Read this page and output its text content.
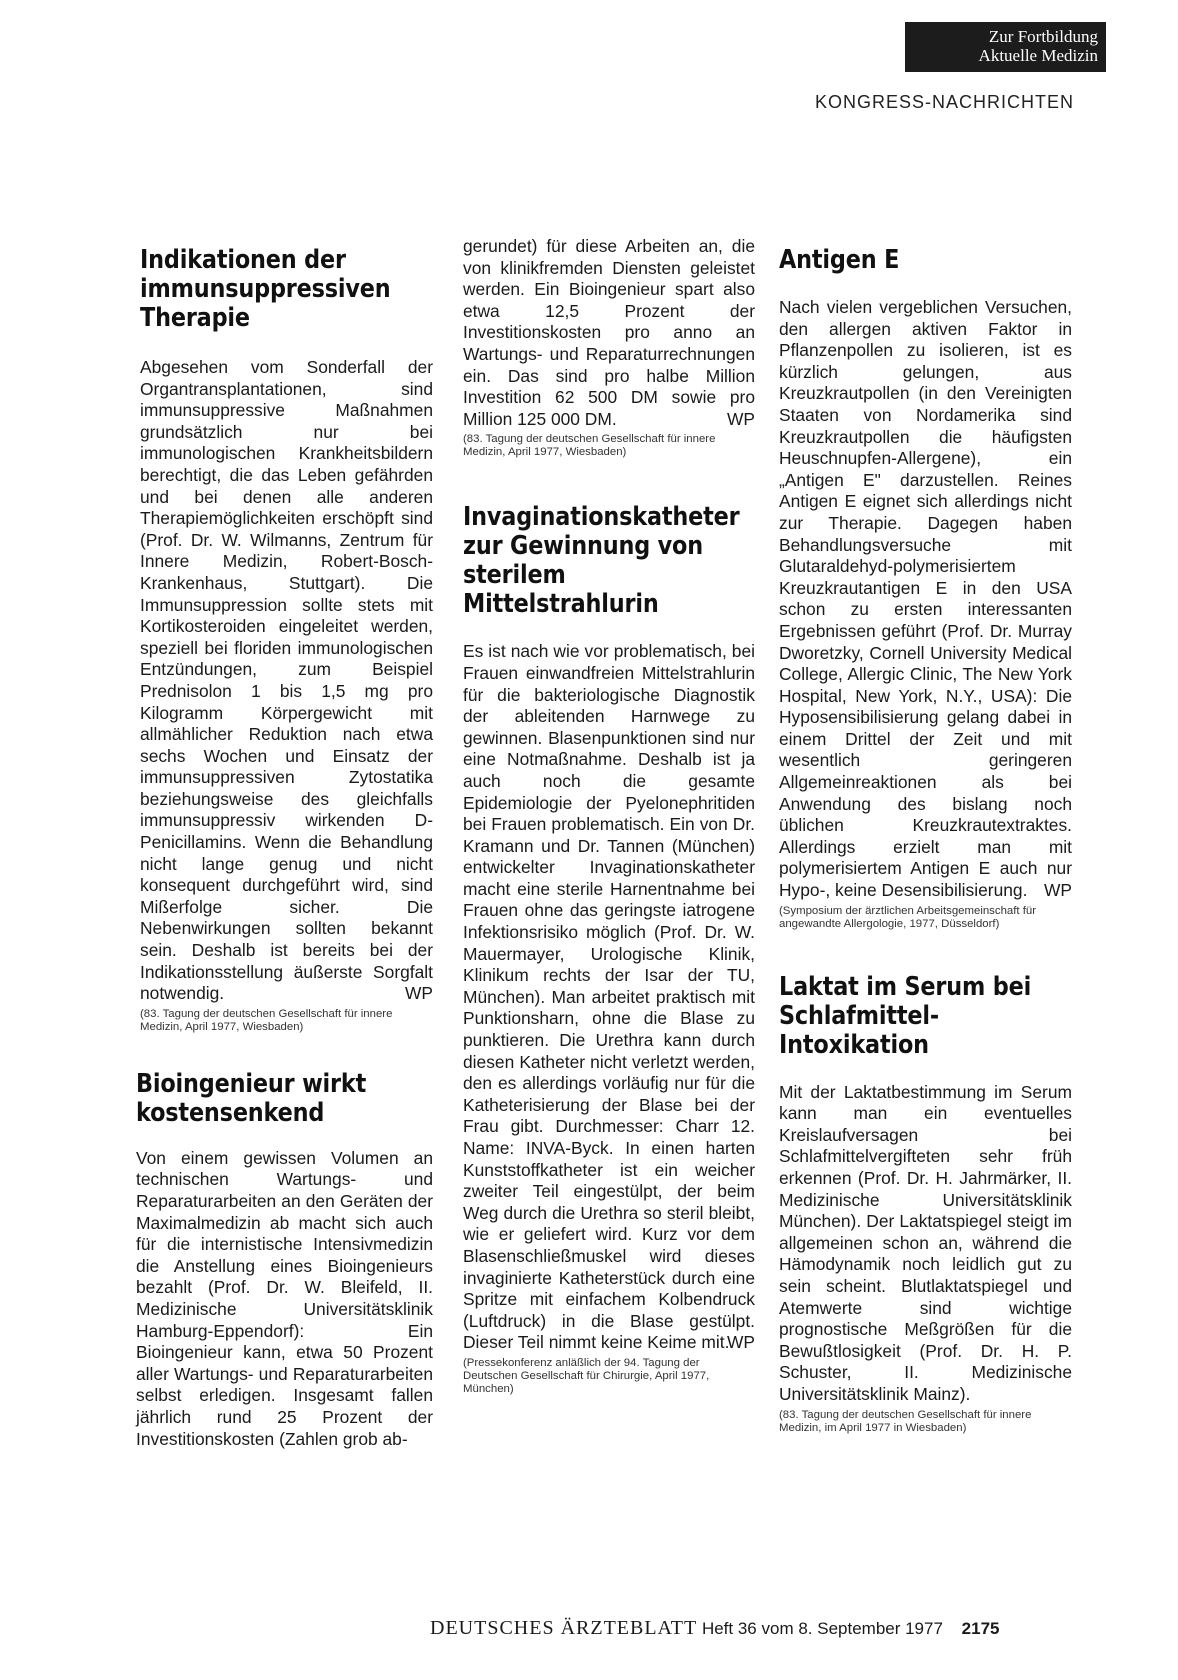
Zur Fortbildung
Aktuelle Medizin
KONGRESS-NACHRICHTEN
Indikationen der immunsuppressiven Therapie

Abgesehen vom Sonderfall der Organtransplantationen, sind immunsuppressive Maßnahmen grundsätzlich nur bei immunologischen Krankheitsbildern berechtigt, die das Leben gefährden und bei denen alle anderen Therapiemöglichkeiten erschöpft sind (Prof. Dr. W. Wilmanns, Zentrum für Innere Medizin, Robert-Bosch-Krankenhaus, Stuttgart). Die Immunsuppression sollte stets mit Kortikosteroiden eingeleitet werden, speziell bei floriden immunologischen Entzündungen, zum Beispiel Prednisolon 1 bis 1,5 mg pro Kilogramm Körpergewicht mit allmählicher Reduktion nach etwa sechs Wochen und Einsatz der immunsuppressiven Zytostatika beziehungsweise des gleichfalls immunsuppressiv wirkenden D-Penicillamins. Wenn die Behandlung nicht lange genug und nicht konsequent durchgeführt wird, sind Mißerfolge sicher. Die Nebenwirkungen sollten bekannt sein. Deshalb ist bereits bei der Indikationsstellung äußerste Sorgfalt notwendig.	WP

(83. Tagung der deutschen Gesellschaft für innere Medizin, April 1977, Wiesbaden)

Bioingenieur wirkt kostensenkend

Von einem gewissen Volumen an technischen Wartungs- und Reparaturarbeiten an den Geräten der Maximalmedizin ab macht sich auch für die internistische Intensivmedizin die Anstellung eines Bioingenieurs bezahlt (Prof. Dr. W. Bleifeld, II. Medizinische Universitätsklinik Hamburg-Eppendorf): Ein Bioingenieur kann, etwa 50 Prozent aller Wartungs- und Reparaturarbeiten selbst erledigen. Insgesamt fallen jährlich rund 25 Prozent der Investitionskosten (Zahlen grob ab-

gerundet) für diese Arbeiten an, die von klinikfremden Diensten geleistet werden. Ein Bioingenieur spart also etwa 12,5 Prozent der Investitionskosten pro anno an Wartungs- und Reparaturrechnungen ein. Das sind pro halbe Million Investition 62 500 DM sowie pro Million 125 000 DM.	WP

(83. Tagung der deutschen Gesellschaft für innere Medizin, April 1977, Wiesbaden)

Invaginationskatheter zur Gewinnung von sterilem Mittelstrahlurin

Es ist nach wie vor problematisch, bei Frauen einwandfreien Mittelstrahlurin für die bakteriologische Diagnostik der ableitenden Harnwege zu gewinnen. Blasenpunktionen sind nur eine Notmaßnahme. Deshalb ist ja auch noch die gesamte Epidemiologie der Pyelonephritiden bei Frauen problematisch. Ein von Dr. Kramann und Dr. Tannen (München) entwickelter Invaginationskatheter macht eine sterile Harnentnahme bei Frauen ohne das geringste iatrogene Infektionsrisiko möglich (Prof. Dr. W. Mauermayer, Urologische Klinik, Klinikum rechts der Isar der TU, München). Man arbeitet praktisch mit Punktionsharn, ohne die Blase zu punktieren. Die Urethra kann durch diesen Katheter nicht verletzt werden, den es allerdings vorläufig nur für die Katheterisierung der Blase bei der Frau gibt. Durchmesser: Charr 12. Name: INVA-Byck. In einen harten Kunststoffkatheter ist ein weicher zweiter Teil eingestülpt, der beim Weg durch die Urethra so steril bleibt, wie er geliefert wird. Kurz vor dem Blasenschließmuskel wird dieses invaginierte Katheterstück durch eine Spritze mit einfachem Kolbendruck (Luftdruck) in die Blase gestülpt. Dieser Teil nimmt keine Keime mit.

WP

(Pressekonferenz anläßlich der 94. Tagung der Deutschen Gesellschaft für Chirurgie, April 1977, München)

Antigen E

Nach vielen vergeblichen Versuchen, den allergen aktiven Faktor in Pflanzenpollen zu isolieren, ist es kürzlich gelungen, aus Kreuzkrautpollen (in den Vereinigten Staaten von Nordamerika sind Kreuzkrautpollen die häufigsten Heuschnupfen-Allergene), ein „Antigen E" darzustellen. Reines Antigen E eignet sich allerdings nicht zur Therapie. Dagegen haben Behandlungsversuche mit Glutaraldehyd-polymerisiertem Kreuzkrautantigen E in den USA schon zu ersten interessanten Ergebnissen geführt (Prof. Dr. Murray Dworetzky, Cornell University Medical College, Allergic Clinic, The New York Hospital, New York, N.Y., USA): Die Hyposensibilisierung gelang dabei in einem Drittel der Zeit und mit wesentlich geringeren Allgemeinreaktionen als bei Anwendung des bislang noch üblichen Kreuzkrautextraktes. Allerdings erzielt man mit polymerisiertem Antigen E auch nur Hypo-, keine Desensibilisierung. WP

(Symposium der ärztlichen Arbeitsgemeinschaft für angewandte Allergologie, 1977, Düsseldorf)

Laktat im Serum bei Schlafmittel-Intoxikation

Mit der Laktatbestimmung im Serum kann man ein eventuelles Kreislaufversagen bei Schlafmittelvergifteten sehr früh erkennen (Prof. Dr. H. Jahrmärker, II. Medizinische Universitätsklinik München). Der Laktatspiegel steigt im allgemeinen schon an, während die Hämodynamik noch leidlich gut zu sein scheint. Blutlaktatspiegel und Atemwerte sind wichtige prognostische Meßgrößen für die Bewußtlosigkeit (Prof. Dr. H. P. Schuster, II. Medizinische Universitätsklinik Mainz).

(83. Tagung der deutschen Gesellschaft für innere Medizin, im April 1977 in Wiesbaden)

DEUTSCHES ÄRZTEBLATT Heft 36 vom 8. September 1977 2175
